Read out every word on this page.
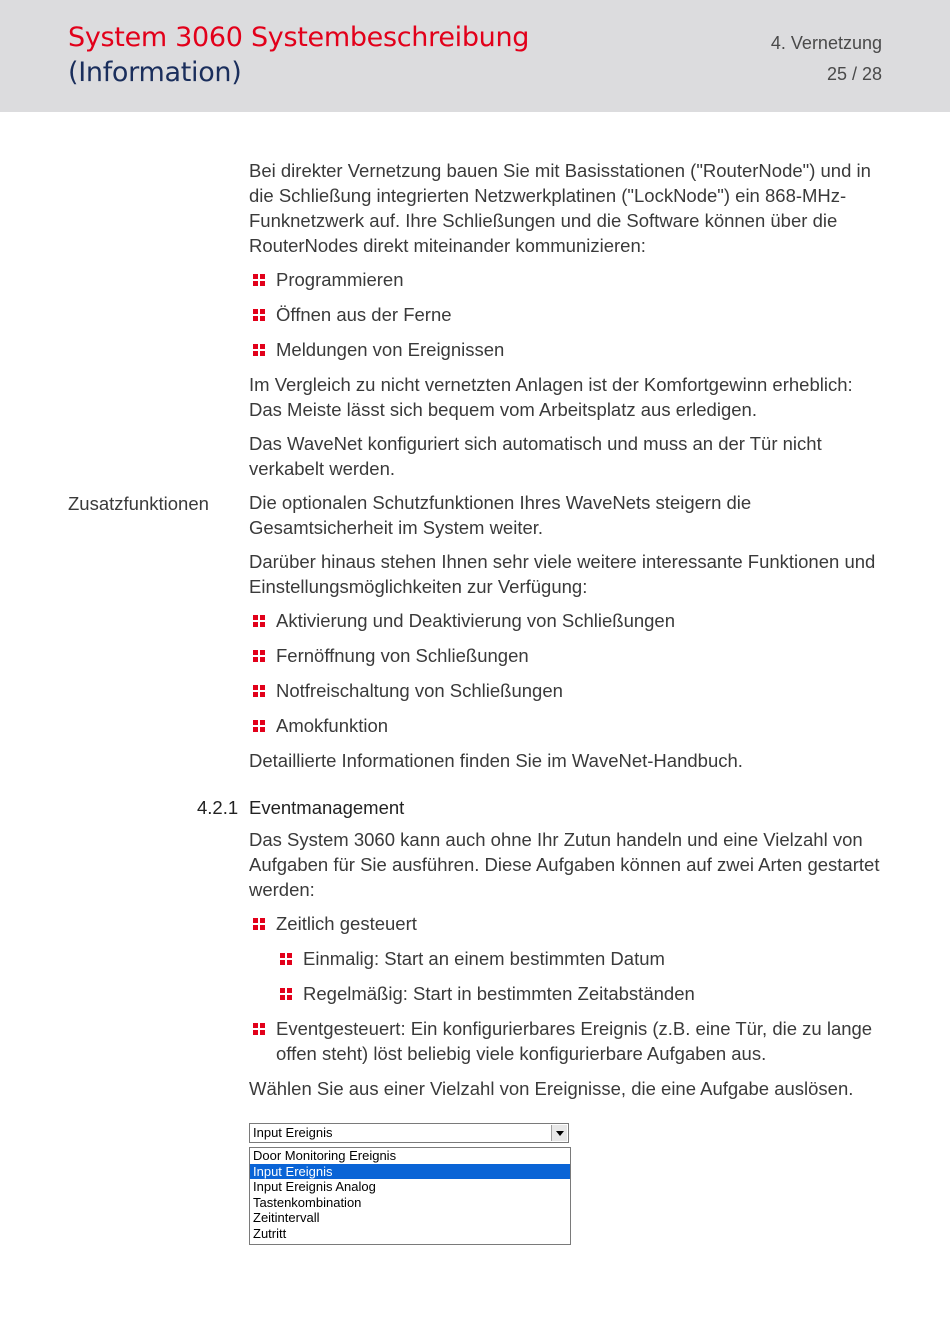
System 3060 Systembeschreibung
(Information)
4. Vernetzung
25 / 28
Zusatzfunktionen

Bei direkter Vernetzung bauen Sie mit Basisstationen ("RouterNode") und in die Schließung integrierten Netzwerkplatinen ("LockNode") ein 868-MHz-Funknetzwerk auf. Ihre Schließungen und die Software können über die RouterNodes direkt miteinander kommunizieren:

Programmieren
Öffnen aus der Ferne
Meldungen von Ereignissen

Im Vergleich zu nicht vernetzten Anlagen ist der Komfortgewinn erheblich: Das Meiste lässt sich bequem vom Arbeitsplatz aus erledigen.

Das WaveNet konfiguriert sich automatisch und muss an der Tür nicht verkabelt werden.

Die optionalen Schutzfunktionen Ihres WaveNets steigern die Gesamtsicherheit im System weiter.

Darüber hinaus stehen Ihnen sehr viele weitere interessante Funktionen und Einstellungsmöglichkeiten zur Verfügung:

Aktivierung und Deaktivierung von Schließungen
Fernöffnung von Schließungen
Notfreischaltung von Schließungen
Amokfunktion

Detaillierte Informationen finden Sie im WaveNet-Handbuch.

4.2.1 Eventmanagement

Das System 3060 kann auch ohne Ihr Zutun handeln und eine Vielzahl von Aufgaben für Sie ausführen. Diese Aufgaben können auf zwei Arten gestartet werden:

Zeitlich gesteuert
Einmalig: Start an einem bestimmten Datum
Regelmäßig: Start in bestimmten Zeitabständen
Eventgesteuert: Ein konfigurierbares Ereignis (z.B. eine Tür, die zu lange offen steht) löst beliebig viele konfigurierbare Aufgaben aus.

Wählen Sie aus einer Vielzahl von Ereignisse, die eine Aufgabe auslösen.

Input Ereignis
Door Monitoring Ereignis
Input Ereignis
Input Ereignis Analog
Tastenkombination
Zeitintervall
Zutritt
